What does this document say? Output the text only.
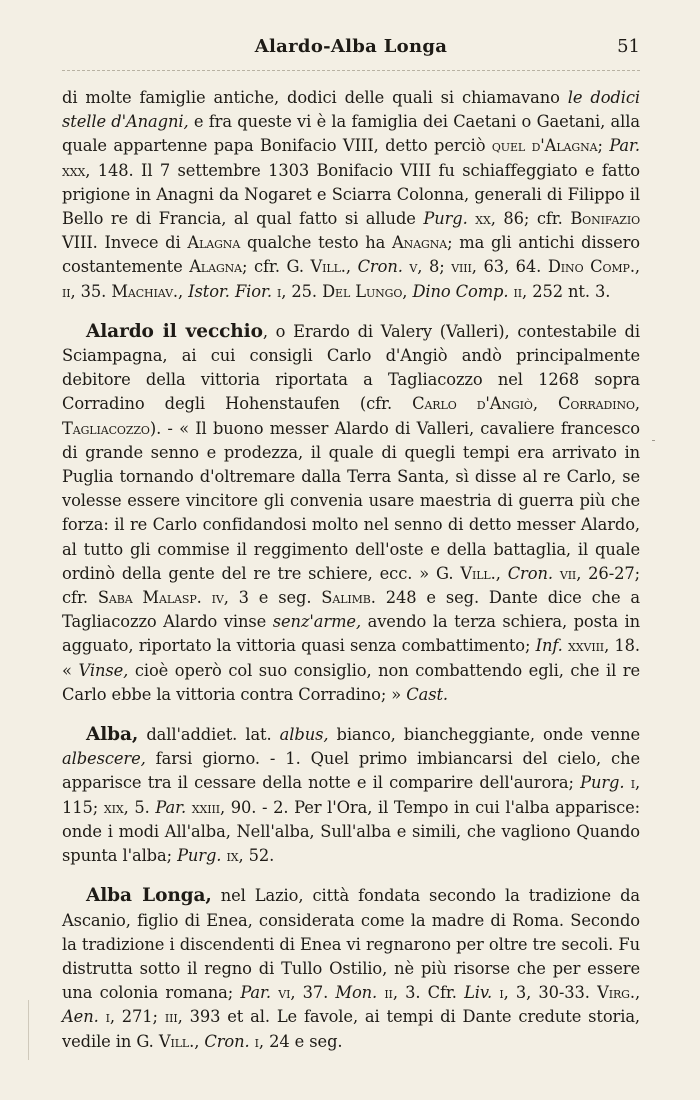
Alardo-Alba Longa	51

di molte famiglie antiche, dodici delle quali si chiamavano le dodici stelle d'Anagni, e fra queste vi è la famiglia dei Caetani o Gaetani, alla quale appartenne papa Bonifacio VIII, detto perciò quel d'Alagna; Par. xxx, 148. Il 7 settembre 1303 Bonifacio VIII fu schiaffeggiato e fatto prigione in Anagni da Nogaret e Sciarra Colonna, generali di Filippo il Bello re di Francia, al qual fatto si allude Purg. xx, 86; cfr. Bonifazio VIII. Invece di Alagna qualche testo ha Anagna; ma gli antichi dissero costantemente Alagna; cfr. G. Vill., Cron. v, 8; viii, 63, 64. Dino Comp., ii, 35. Machiav., Istor. Fior. i, 25. Del Lungo, Dino Comp. ii, 252 nt. 3.

Alardo il vecchio, o Erardo di Valery (Valleri), contestabile di Sciampagna, ai cui consigli Carlo d'Angiò andò principalmente debitore della vittoria riportata a Tagliacozzo nel 1268 sopra Corradino degli Hohenstaufen (cfr. Carlo d'Angiò, Corradino, Tagliacozzo). - « Il buono messer Alardo di Valleri, cavaliere francesco di grande senno e prodezza, il quale di quegli tempi era arrivato in Puglia tornando d'oltremare dalla Terra Santa, sì disse al re Carlo, se volesse essere vincitore gli convenia usare maestria di guerra più che forza: il re Carlo confidandosi molto nel senno di detto messer Alardo, al tutto gli commise il reggimento dell'oste e della battaglia, il quale ordinò della gente del re tre schiere, ecc. » G. Vill., Cron. vii, 26-27; cfr. Saba Malasp. iv, 3 e seg. Salimb. 248 e seg. Dante dice che a Tagliacozzo Alardo vinse senz'arme, avendo la terza schiera, posta in agguato, riportato la vittoria quasi senza combattimento; Inf. xxviii, 18. « Vinse, cioè operò col suo consiglio, non combattendo egli, che il re Carlo ebbe la vittoria contra Corradino; » Cast.

Alba, dall'addiet. lat. albus, bianco, biancheggiante, onde venne albescere, farsi giorno. - 1. Quel primo imbiancarsi del cielo, che apparisce tra il cessare della notte e il comparire dell'aurora; Purg. i, 115; xix, 5. Par. xxiii, 90. - 2. Per l'Ora, il Tempo in cui l'alba apparisce: onde i modi All'alba, Nell'alba, Sull'alba e simili, che vagliono Quando spunta l'alba; Purg. ix, 52.

Alba Longa, nel Lazio, città fondata secondo la tradizione da Ascanio, figlio di Enea, considerata come la madre di Roma. Secondo la tradizione i discendenti di Enea vi regnarono per oltre tre secoli. Fu distrutta sotto il regno di Tullo Ostilio, nè più risorse che per essere una colonia romana; Par. vi, 37. Mon. ii, 3. Cfr. Liv. i, 3, 30-33. Virg., Aen. i, 271; iii, 393 et al. Le favole, ai tempi di Dante credute storia, vedile in G. Vill., Cron. i, 24 e seg.
